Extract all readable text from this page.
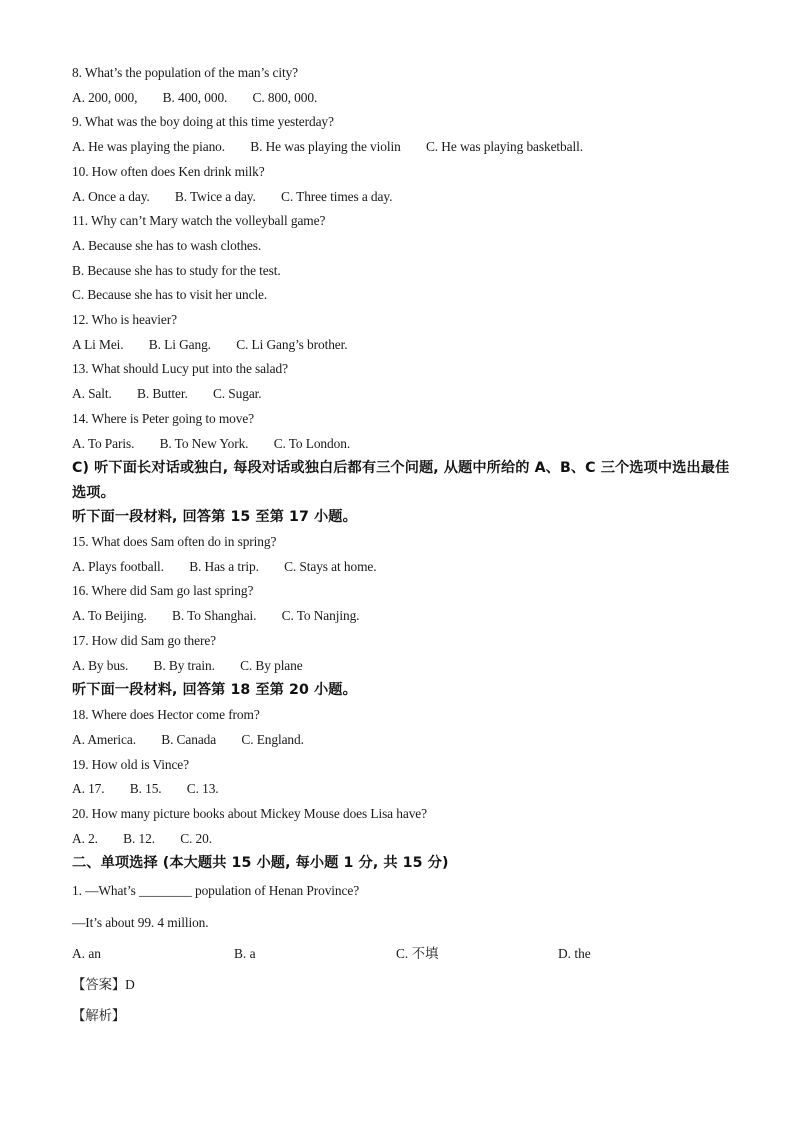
8. What’s the population of the man’s city?
A. 200, 000, B. 400, 000. C. 800, 000.
9. What was the boy doing at this time yesterday?
A. He was playing the piano. B. He was playing the violin C. He was playing basketball.
10. How often does Ken drink milk?
A. Once a day. B. Twice a day. C. Three times a day.
11. Why can’t Mary watch the volleyball game?
A. Because she has to wash clothes.
B. Because she has to study for the test.
C. Because she has to visit her uncle.
12. Who is heavier?
A Li Mei. B. Li Gang. C. Li Gang’s brother.
13. What should Lucy put into the salad?
A. Salt. B. Butter. C. Sugar.
14. Where is Peter going to move?
A. To Paris. B. To New York. C. To London.
C) 听下面长对话或独白, 每段对话或独白后都有三个问题, 从题中所给的 A、B、C 三个选项中选出最佳选项。
听下面一段材料, 回答第 15 至第 17 小题。
15. What does Sam often do in spring?
A. Plays football. B. Has a trip. C. Stays at home.
16. Where did Sam go last spring?
A. To Beijing. B. To Shanghai. C. To Nanjing.
17. How did Sam go there?
A. By bus. B. By train. C. By plane
听下面一段材料, 回答第 18 至第 20 小题。
18. Where does Hector come from?
A. America. B. Canada C. England.
19. How old is Vince?
A. 17. B. 15. C. 13.
20. How many picture books about Mickey Mouse does Lisa have?
A. 2. B. 12. C. 20.
二、单项选择 (本大题共 15 小题, 每小题 1 分, 共 15 分)
1. —What’s ________ population of Henan Province?
—It’s about 99. 4 million.
A. an	B. a	C. 不填	D. the
【答案】D
【解析】
